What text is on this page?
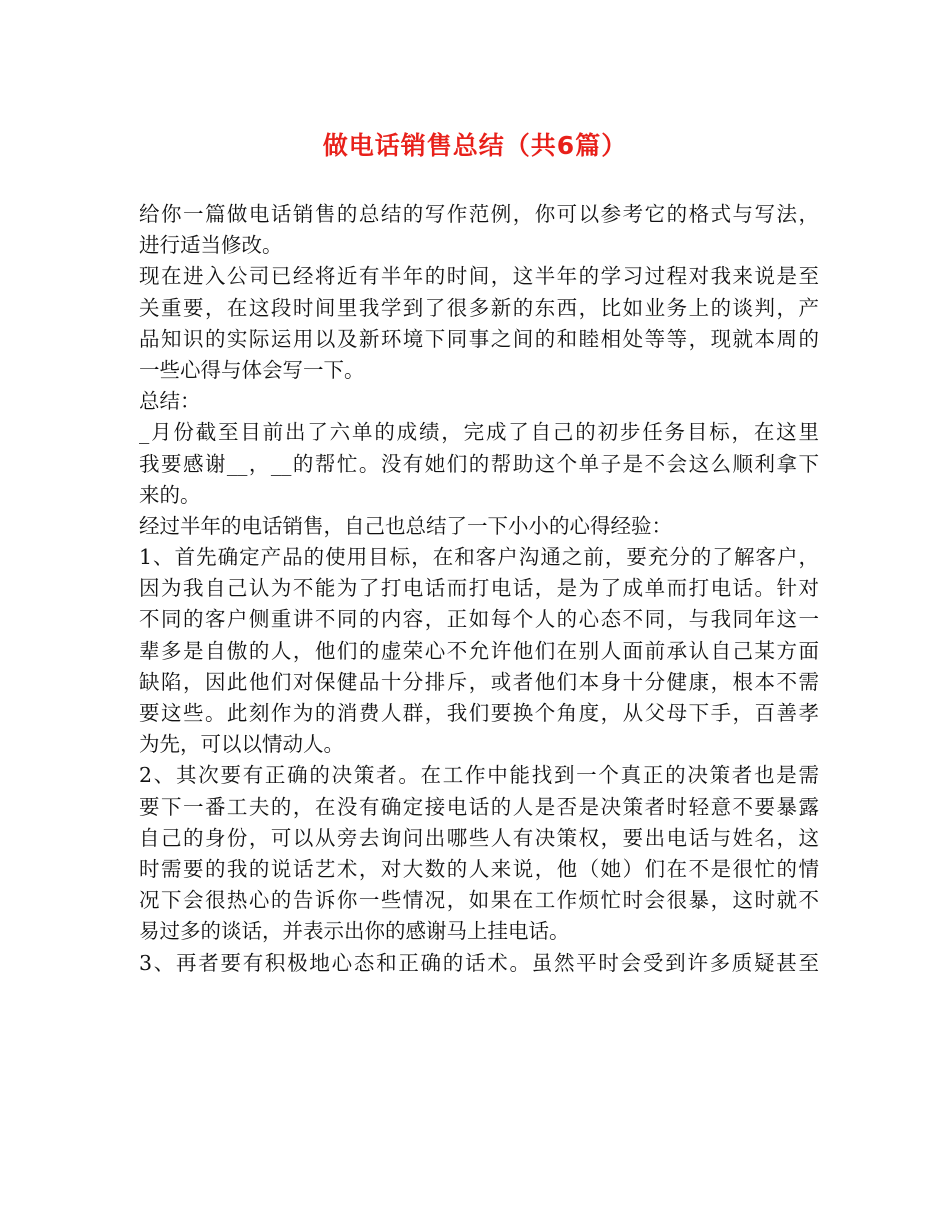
做电话销售总结（共6篇）
给你一篇做电话销售的总结的写作范例，你可以参考它的格式与写法，
进行适当修改。
现在进入公司已经将近有半年的时间，这半年的学习过程对我来说是至
关重要，在这段时间里我学到了很多新的东西，比如业务上的谈判，产
品知识的实际运用以及新环境下同事之间的和睦相处等等，现就本周的
一些心得与体会写一下。
总结：
_月份截至目前出了六单的成绩，完成了自己的初步任务目标，在这里
我要感谢__，__的帮忙。没有她们的帮助这个单子是不会这么顺利拿下
来的。
经过半年的电话销售，自己也总结了一下小小的心得经验：
1、首先确定产品的使用目标，在和客户沟通之前，要充分的了解客户，
因为我自己认为不能为了打电话而打电话，是为了成单而打电话。针对
不同的客户侧重讲不同的内容，正如每个人的心态不同，与我同年这一
辈多是自傲的人，他们的虚荣心不允许他们在别人面前承认自己某方面
缺陷，因此他们对保健品十分排斥，或者他们本身十分健康，根本不需
要这些。此刻作为的消费人群，我们要换个角度，从父母下手，百善孝
为先，可以以情动人。
2、其次要有正确的决策者。在工作中能找到一个真正的决策者也是需
要下一番工夫的，在没有确定接电话的人是否是决策者时轻意不要暴露
自己的身份，可以从旁去询问出哪些人有决策权，要出电话与姓名，这
时需要的我的说话艺术，对大数的人来说，他（她）们在不是很忙的情
况下会很热心的告诉你一些情况，如果在工作烦忙时会很暴，这时就不
易过多的谈话，并表示出你的感谢马上挂电话。
3、再者要有积极地心态和正确的话术。虽然平时会受到许多质疑甚至
